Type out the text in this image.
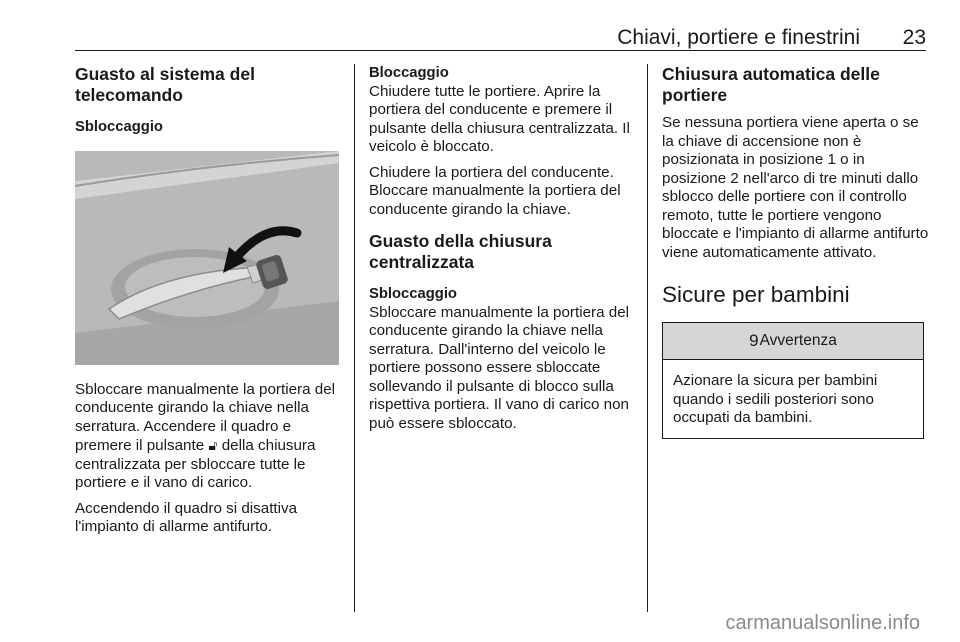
Chiavi, portiere e finestrini 23
Guasto al sistema del telecomando
Sbloccaggio

Sbloccare manualmente la portiera del conducente girando la chiave nella serratura. Accendere il quadro e premere il pulsante 🔓︎ della chiusura centralizzata per sbloccare tutte le portiere e il vano di carico.

Accendendo il quadro si disattiva l'impianto di allarme antifurto.

Bloccaggio

Chiudere tutte le portiere. Aprire la portiera del conducente e premere il pulsante della chiusura centralizzata. Il veicolo è bloccato.

Chiudere la portiera del conducente. Bloccare manualmente la portiera del conducente girando la chiave.

Guasto della chiusura centralizzata
Sbloccaggio

Sbloccare manualmente la portiera del conducente girando la chiave nella serratura. Dall'interno del veicolo le portiere possono essere sbloccate sollevando il pulsante di blocco sulla rispettiva portiera. Il vano di carico non può essere sbloccato.

Chiusura automatica delle portiere

Se nessuna portiera viene aperta o se la chiave di accensione non è posizionata in posizione 1 o in posizione 2 nell'arco di tre minuti dallo sblocco delle portiere con il controllo remoto, tutte le portiere vengono bloccate e l'impianto di allarme antifurto viene automaticamente attivato.

Sicure per bambini
9 Avvertenza
Azionare la sicura per bambini quando i sedili posteriori sono occupati da bambini.
carmanualsonline.info
